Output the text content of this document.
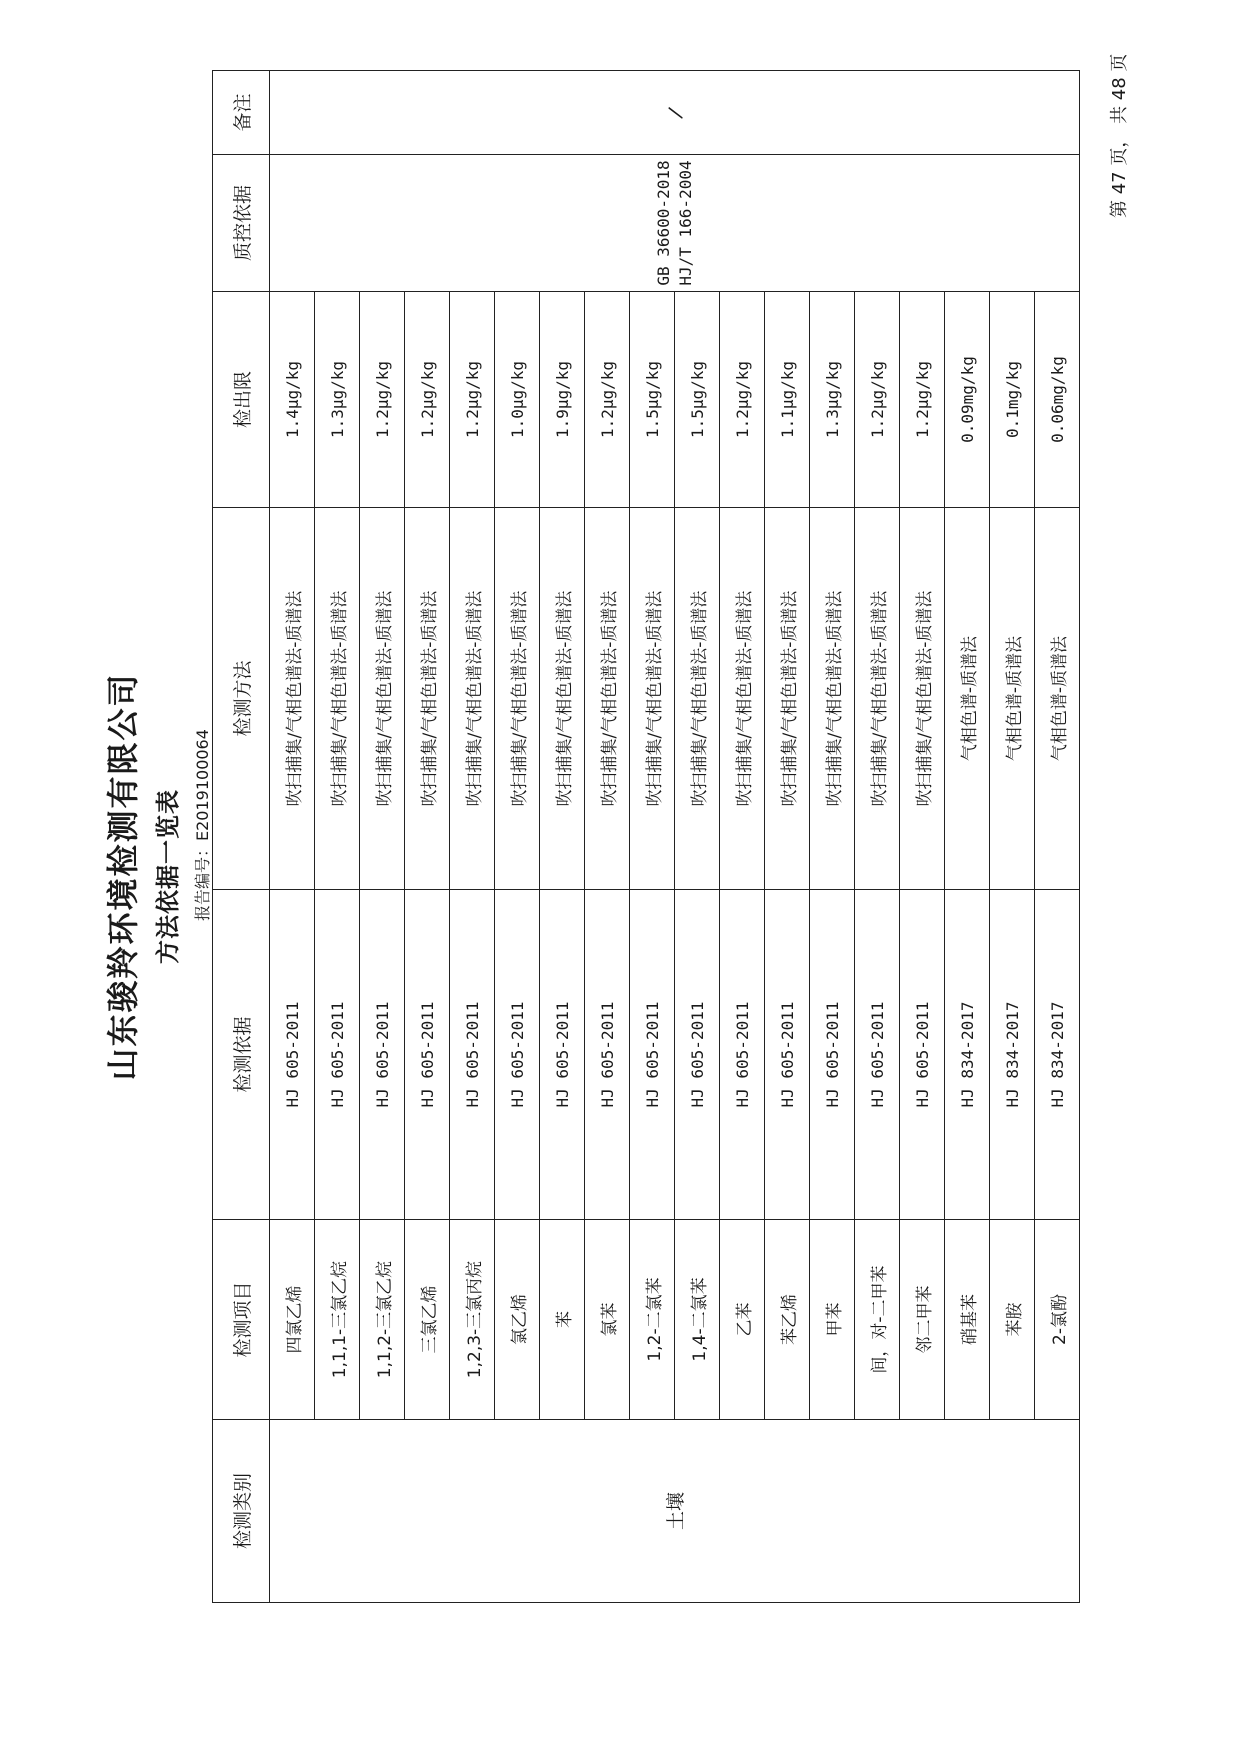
山东骏羚环境检测有限公司 方法依据一览表 报告编号：E2019100064
检测类别	检测项目	检测依据	检测方法	检出限	质控依据	备注
土壤	四氯乙烯	HJ 605-2011	吹扫捕集/气相色谱法-质谱法	1.4μg/kg	GB 36600-2018 HJ/T 166-2004	/
	1,1,1-三氯乙烷	HJ 605-2011	吹扫捕集/气相色谱法-质谱法	1.3μg/kg		
	1,1,2-三氯乙烷	HJ 605-2011	吹扫捕集/气相色谱法-质谱法	1.2μg/kg		
	三氯乙烯	HJ 605-2011	吹扫捕集/气相色谱法-质谱法	1.2μg/kg		
	1,2,3-三氯丙烷	HJ 605-2011	吹扫捕集/气相色谱法-质谱法	1.2μg/kg		
	氯乙烯	HJ 605-2011	吹扫捕集/气相色谱法-质谱法	1.0μg/kg		
	苯	HJ 605-2011	吹扫捕集/气相色谱法-质谱法	1.9μg/kg		
	氯苯	HJ 605-2011	吹扫捕集/气相色谱法-质谱法	1.2μg/kg		
	1,2-二氯苯	HJ 605-2011	吹扫捕集/气相色谱法-质谱法	1.5μg/kg		
	1,4-二氯苯	HJ 605-2011	吹扫捕集/气相色谱法-质谱法	1.5μg/kg		
	乙苯	HJ 605-2011	吹扫捕集/气相色谱法-质谱法	1.2μg/kg		
	苯乙烯	HJ 605-2011	吹扫捕集/气相色谱法-质谱法	1.1μg/kg		
	甲苯	HJ 605-2011	吹扫捕集/气相色谱法-质谱法	1.3μg/kg		
	间，对-二甲苯	HJ 605-2011	吹扫捕集/气相色谱法-质谱法	1.2μg/kg		
	邻二甲苯	HJ 605-2011	吹扫捕集/气相色谱法-质谱法	1.2μg/kg		
	硝基苯	HJ 834-2017	气相色谱-质谱法	0.09mg/kg		
	苯胺	HJ 834-2017	气相色谱-质谱法	0.1mg/kg		
	2-氯酚	HJ 834-2017	气相色谱-质谱法	0.06mg/kg		
第 47 页， 共 48 页
